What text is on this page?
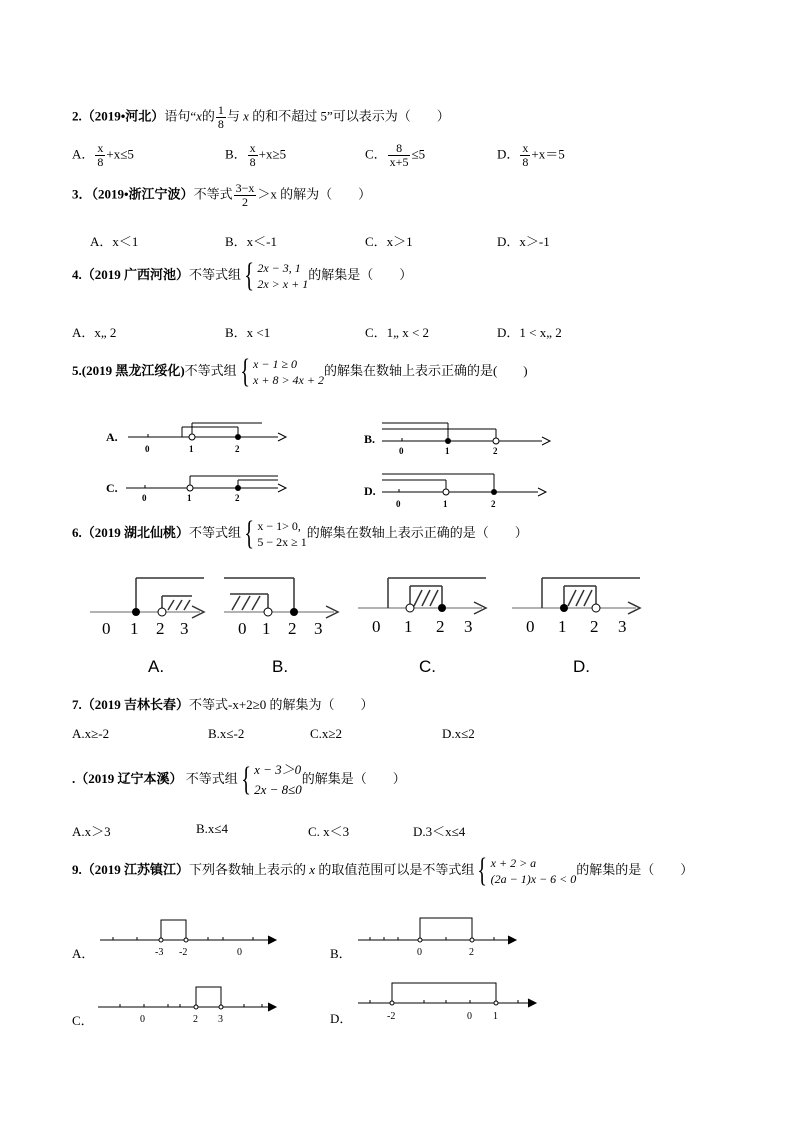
2.（2019•河北）语句“x的 $\frac{1}{8}$ 与 x 的和不超过 5”可以表示为（　　）
A． $\frac{x}{8} +x\le 5$	B． $\frac{x}{8} +x\ge 5$	C． $\frac{8}{x+5} \le 5$	D． $\frac{x}{8} +x=5$
3．（2019•浙江宁波）不等式 $\frac{3-x}{2} >x$ 的解为（　　）
A．x＜1	B．x＜-1	C．x＞1	D．x＞-1
4.（2019 广西河池）不等式组{ 2x − 3, 1
2x > x + 1
的解集是（　　）
A．x„ 2	B．x <1	C．1„ x < 2	D．1 < x„ 2
5.(2019 黑龙江绥化)不等式组{ x − 1 ≥ 0
x + 8 > 4x + 2
的解集在数轴上表示正确的是(　　)
A.
0	1	2
B.
0	1	2
C.
0	1	2	D.
0	1	2
6.（2019 湖北仙桃）不等式组{ x − 1> 0,
5 − 2x ≥ 1
的解集在数轴上表示正确的是（　　）
0 1 2 3	0 1 2 3	0 1 2 3	0 1 2 3
A.	B.	C.	D.
7.（2019 吉林长春）不等式-x+2≥0 的解集为（　　）
A.x≥-2	B.x≤-2	C.x≥2	D.x≤2
.（2019 辽宁本溪） 不等式组{ x − 3＞0
2x − 8≤0
的解集是（　　）
A.x＞3	B.x≤4	C. x＜3	D.3＜x≤4
9.（2019 江苏镇江）下列各数轴上表示的 x 的取值范围可以是不等式组{ x + 2 > a
(2a − 1)x − 6 < 0
的解集的是（　　）
A．	-3 -2	0	B．	0	2
C．	0	2 3	D．	-2	0 1
